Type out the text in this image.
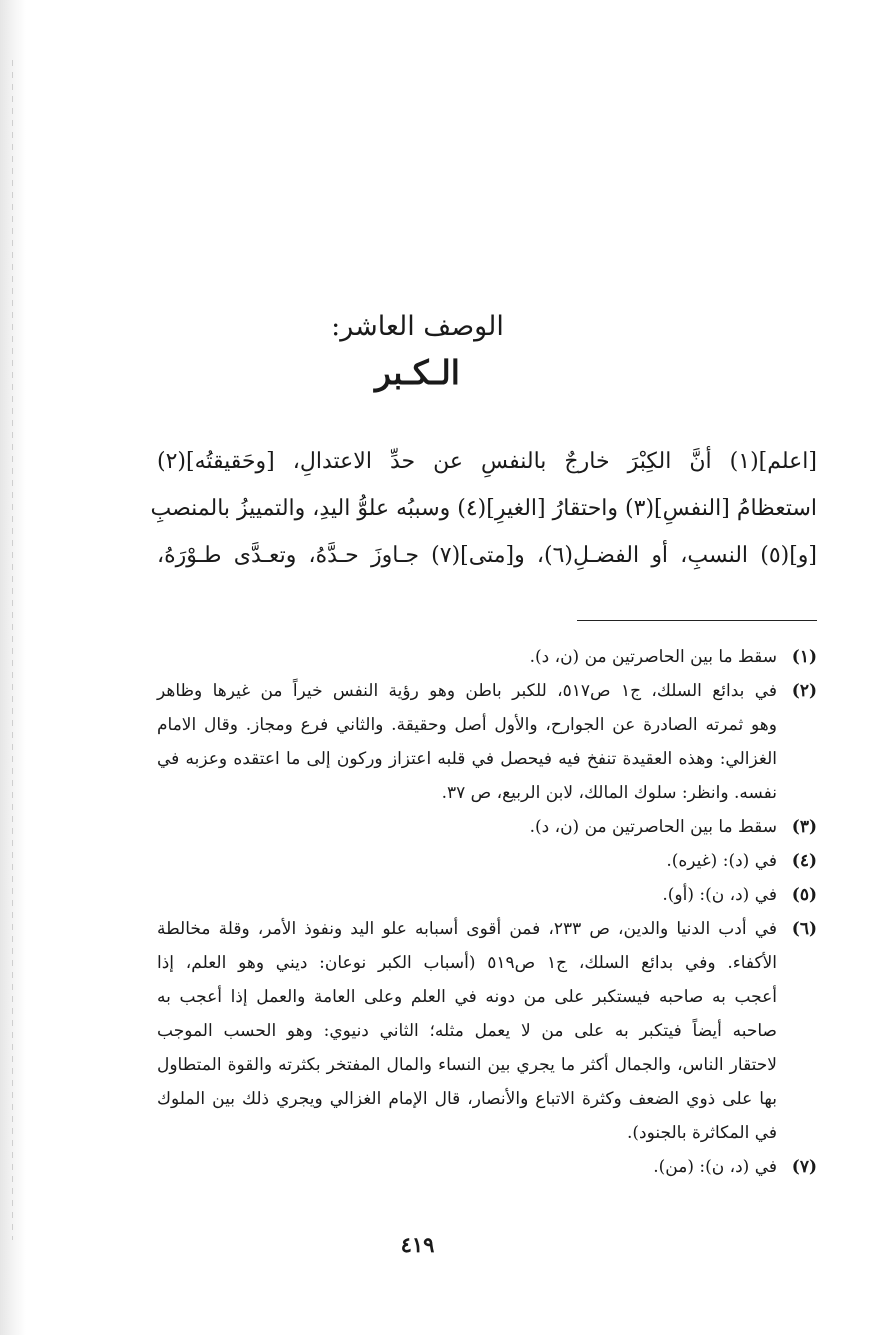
الوصف العاشر:
الـكـبر
[اعلم](١) أنَّ الكِبْرَ خارجٌ بالنفسِ عن حدِّ الاعتدالِ، [وحَقيقتُه](٢)
استعظامُ [النفسِ](٣) واحتقارُ [الغيرِ](٤) وسببُه علوُّ اليدِ، والتمييزُ بالمنصبِ
[و](٥) النسبِ، أو الفضـلِ(٦)، و[متى](٧) جـاوزَ حـدَّهُ، وتعـدَّى طـوْرَهُ،
(١)
سقط ما بين الحاصرتين من (ن، د).
(٢)
في بدائع السلك، ج١ ص٥١٧، للكبر باطن وهو رؤية النفس خيراً من غيرها وظاهر
وهو ثمرته الصادرة عن الجوارح، والأول أصل وحقيقة. والثاني فرع ومجاز. وقال الامام
الغزالي: وهذه العقيدة تنفخ فيه فيحصل في قلبه اعتزاز وركون إلى ما اعتقده وعزبه في
نفسه. وانظر: سلوك المالك، لابن الربيع، ص ٣٧.
(٣)
سقط ما بين الحاصرتين من (ن، د).
(٤)
في (د): (غيره).
(٥)
في (د، ن): (أو).
(٦)
في أدب الدنيا والدين، ص ٢٣٣، فمن أقوى أسبابه علو اليد ونفوذ الأمر، وقلة مخالطة
الأكفاء. وفي بدائع السلك، ج١ ص٥١٩ (أسباب الكبر نوعان: ديني وهو العلم، إذا
أعجب به صاحبه فيستكبر على من دونه في العلم وعلى العامة والعمل إذا أعجب به
صاحبه أيضاً فيتكبر به على من لا يعمل مثله؛ الثاني دنيوي: وهو الحسب الموجب
لاحتقار الناس، والجمال أكثر ما يجري بين النساء والمال المفتخر بكثرته والقوة المتطاول
بها على ذوي الضعف وكثرة الاتباع والأنصار، قال الإمام الغزالي ويجري ذلك بين الملوك
في المكاثرة بالجنود).
(٧)
في (د، ن): (من).
٤١٩
